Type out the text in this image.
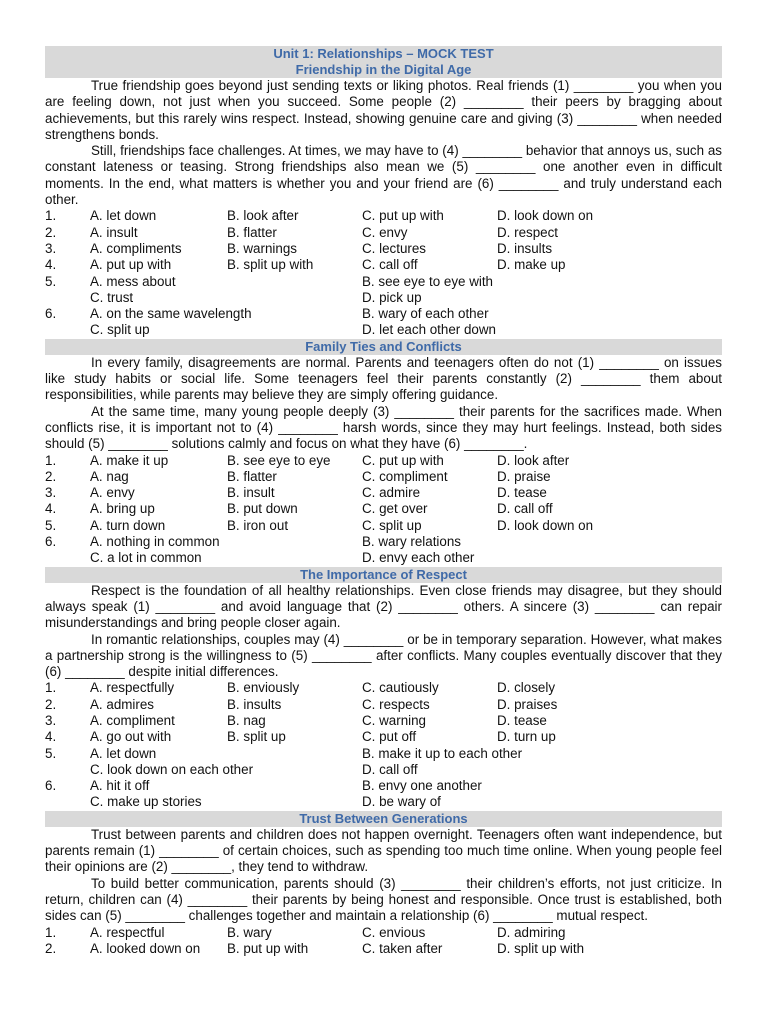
Unit 1: Relationships – MOCK TEST
Friendship in the Digital Age

True friendship goes beyond just sending texts or liking photos. Real friends (1) ________ you when you are feeling down, not just when you succeed. Some people (2) ________ their peers by bragging about achievements, but this rarely wins respect. Instead, showing genuine care and giving (3) ________ when needed strengthens bonds.

Still, friendships face challenges. At times, we may have to (4) ________ behavior that annoys us, such as constant lateness or teasing. Strong friendships also mean we (5) ________ one another even in difficult moments. In the end, what matters is whether you and your friend are (6) ________ and truly understand each other.

1.	A. let down	B. look after	C. put up with	D. look down on
2.	A. insult	B. flatter	C. envy	D. respect
3.	A. compliments	B. warnings	C. lectures	D. insults
4.	A. put up with	B. split up with	C. call off	D. make up
5.	A. mess about	B. see eye to eye with
C. trust	D. pick up
6.	A. on the same wavelength	B. wary of each other
C. split up	D. let each other down
Family Ties and Conflicts

In every family, disagreements are normal. Parents and teenagers often do not (1) ________ on issues like study habits or social life. Some teenagers feel their parents constantly (2) ________ them about responsibilities, while parents may believe they are simply offering guidance.

At the same time, many young people deeply (3) ________ their parents for the sacrifices made. When conflicts rise, it is important not to (4) ________ harsh words, since they may hurt feelings. Instead, both sides should (5) ________ solutions calmly and focus on what they have (6) ________.

1.	A. make it up	B. see eye to eye C. put up with	D. look after
2.	A. nag	B. flatter	C. compliment	D. praise
3.	A. envy	B. insult	C. admire	D. tease
4.	A. bring up	B. put down	C. get over	D. call off
5.	A. turn down	B. iron out	C. split up	D. look down on
6.	A. nothing in common	B. wary relations
C. a lot in common	D. envy each other
The Importance of Respect

Respect is the foundation of all healthy relationships. Even close friends may disagree, but they should always speak (1) ________ and avoid language that (2) ________ others. A sincere (3) ________ can repair misunderstandings and bring people closer again.

In romantic relationships, couples may (4) ________ or be in temporary separation. However, what makes a partnership strong is the willingness to (5) ________ after conflicts. Many couples eventually discover that they (6) ________ despite initial differences.

1.	A. respectfully	B. enviously	C. cautiously	D. closely
2.	A. admires	B. insults	C. respects	D. praises
3.	A. compliment	B. nag	C. warning	D. tease
4.	A. go out with	B. split up	C. put off	D. turn up
5.	A. let down	B. make it up to each other
C. look down on each other	D. call off
6.	A. hit it off	B. envy one another
C. make up stories	D. be wary of
Trust Between Generations

Trust between parents and children does not happen overnight. Teenagers often want independence, but parents remain (1) ________ of certain choices, such as spending too much time online. When young people feel their opinions are (2) ________, they tend to withdraw.

To build better communication, parents should (3) ________ their children’s efforts, not just criticize. In return, children can (4) ________ their parents by being honest and responsible. Once trust is established, both sides can (5) ________ challenges together and maintain a relationship (6) ________ mutual respect.

1.	A. respectful	B. wary	C. envious	D. admiring
2.	A. looked down on B. put up with	C. taken after	D. split up with
